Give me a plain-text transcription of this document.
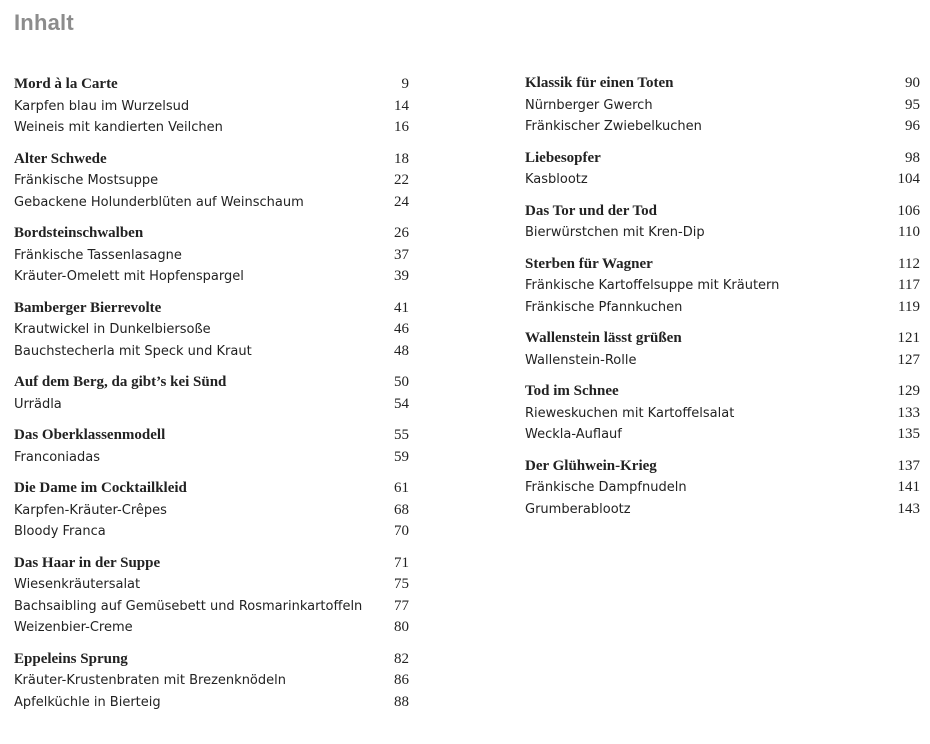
Inhalt
Mord à la Carte	9
Karpfen blau im Wurzelsud	14
Weineis mit kandierten Veilchen	16
Alter Schwede	18
Fränkische Mostsuppe	22
Gebackene Holunderblüten auf Weinschaum	24
Bordsteinschwalben	26
Fränkische Tassenlasagne	37
Kräuter-Omelett mit Hopfenspargel	39
Bamberger Bierrevolte	41
Krautwickel in Dunkelbiersoße	46
Bauchstecherla mit Speck und Kraut	48
Auf dem Berg, da gibt’s kei Sünd	50
Urrädla	54
Das Oberklassenmodell	55
Franconiadas	59
Die Dame im Cocktailkleid	61
Karpfen-Kräuter-Crêpes	68
Bloody Franca	70
Das Haar in der Suppe	71
Wiesenkräutersalat	75
Bachsaibling auf Gemüsebett und Rosmarinkartoffeln 77
Weizenbier-Creme	80
Eppeleins Sprung	82
Kräuter-Krustenbraten mit Brezenknödeln	86
Apfelküchle in Bierteig	88
Klassik für einen Toten	90
Nürnberger Gwerch	95
Fränkischer Zwiebelkuchen	96
Liebesopfer	98
Kasblootz	104
Das Tor und der Tod	106
Bierwürstchen mit Kren-Dip	110
Sterben für Wagner	112
Fränkische Kartoffelsuppe mit Kräutern	117
Fränkische Pfannkuchen	119
Wallenstein lässt grüßen	121
Wallenstein-Rolle	127
Tod im Schnee	129
Rieweskuchen mit Kartoffelsalat	133
Weckla-Auflauf	135
Der Glühwein-Krieg	137
Fränkische Dampfnudeln	141
Grumberablootz	143
